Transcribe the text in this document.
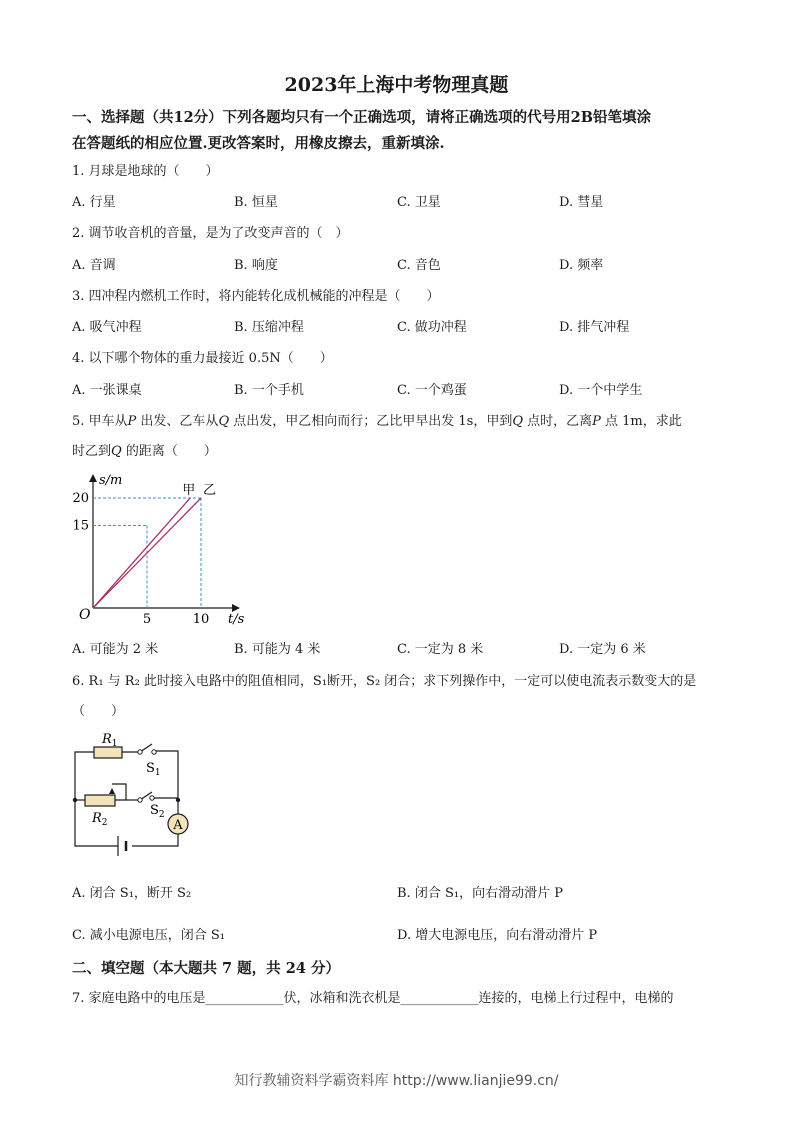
2023年上海中考物理真题
一、选择题（共12分）下列各题均只有一个正确选项，请将正确选项的代号用2B铅笔填涂
在答题纸的相应位置.更改答案时，用橡皮擦去，重新填涂.
1. 月球是地球的（　　）
A. 行星	B. 恒星	C. 卫星	D. 彗星
2. 调节收音机的音量，是为了改变声音的（　）
A. 音调	B. 响度	C. 音色	D. 频率
3. 四冲程内燃机工作时，将内能转化成机械能的冲程是（　　）
A. 吸气冲程	B. 压缩冲程	C. 做功冲程	D. 排气冲程
4. 以下哪个物体的重力最接近 0.5N（　　）
A. 一张课桌	B. 一个手机	C. 一个鸡蛋	D. 一个中学生
5. 甲车从P 出发、乙车从Q 点出发，甲乙相向而行；乙比甲早出发 1s，甲到Q 点时，乙离P 点 1m，求此
时乙到Q 的距离（　　）
甲 乙
5	10
15
20
O
s/m
t/s
A. 可能为 2 米	B. 可能为 4 米	C. 一定为 8 米	D. 一定为 6 米
6. R₁ 与 R₂ 此时接入电路中的阻值相同，S₁断开，S₂ 闭合；求下列操作中，一定可以使电流表示数变大的是
（　　）
A
$R_1$
$R_2$
$S_1$
$S_2$
A. 闭合 S₁，断开 S₂	B. 闭合 S₁，向右滑动滑片 P
C. 减小电源电压，闭合 S₁	D. 增大电源电压，向右滑动滑片 P
二、填空题（本大题共 7 题，共 24 分）
7. 家庭电路中的电压是____________伏，冰箱和洗衣机是____________连接的，电梯上行过程中，电梯的
知行教辅资料学霸资料库 http://www.lianjie99.cn/
